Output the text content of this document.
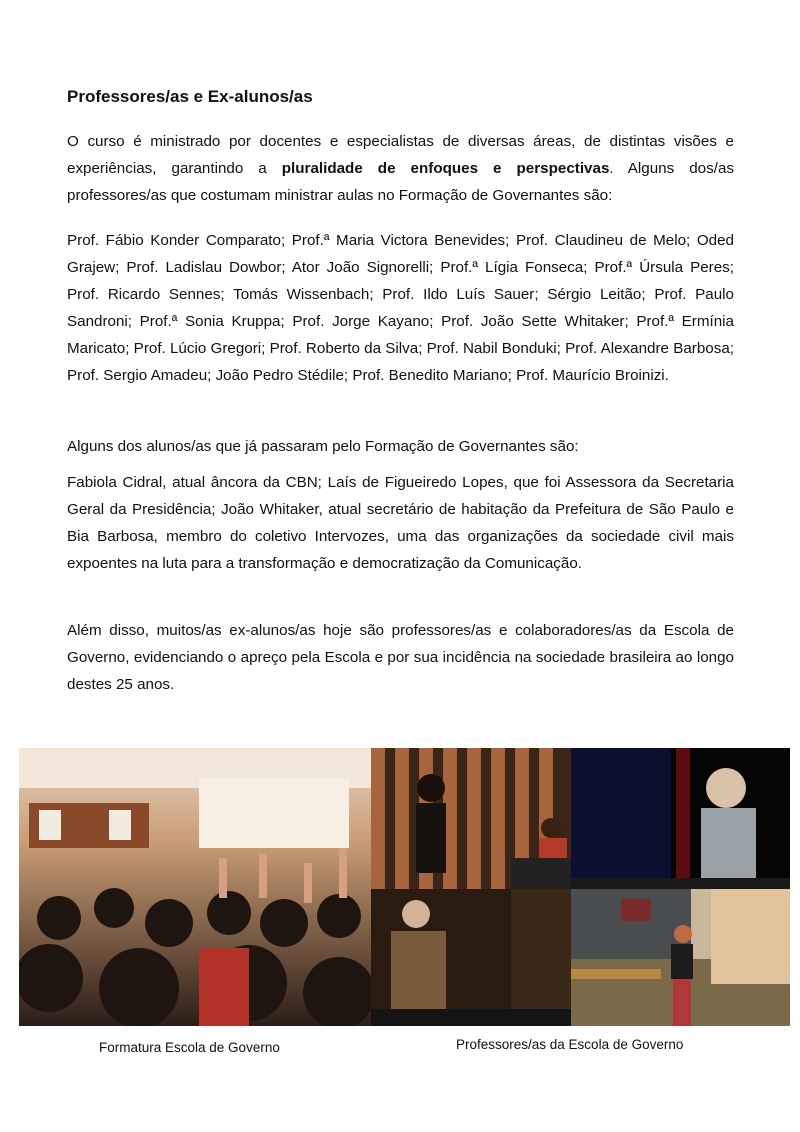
Professores/as e Ex-alunos/as

O curso é ministrado por docentes e especialistas de diversas áreas, de distintas visões e experiências, garantindo a pluralidade de enfoques e perspectivas. Alguns dos/as professores/as que costumam ministrar aulas no Formação de Governantes são:

Prof. Fábio Konder Comparato; Prof.ª Maria Victora Benevides; Prof. Claudineu de Melo; Oded Grajew; Prof. Ladislau Dowbor; Ator João Signorelli; Prof.ª Lígia Fonseca; Prof.ª Úrsula Peres; Prof. Ricardo Sennes; Tomás Wissenbach; Prof. Ildo Luís Sauer; Sérgio Leitão; Prof. Paulo Sandroni; Prof.ª Sonia Kruppa; Prof. Jorge Kayano; Prof. João Sette Whitaker; Prof.ª Ermínia Maricato; Prof. Lúcio Gregori; Prof. Roberto da Silva; Prof. Nabil Bonduki; Prof. Alexandre Barbosa; Prof. Sergio Amadeu; João Pedro Stédile; Prof. Benedito Mariano; Prof. Maurício Broinizi.

Alguns dos alunos/as que já passaram pelo Formação de Governantes são:

Fabiola Cidral, atual âncora da CBN; Laís de Figueiredo Lopes, que foi Assessora da Secretaria Geral da Presidência; João Whitaker, atual secretário de habitação da Prefeitura de São Paulo e Bia Barbosa, membro do coletivo Intervozes, uma das organizações da sociedade civil mais expoentes na luta para a transformação e democratização da Comunicação.

Além disso, muitos/as ex-alunos/as hoje são professores/as e colaboradores/as da Escola de Governo, evidenciando o apreço pela Escola e por sua incidência na sociedade brasileira ao longo destes 25 anos.

Formatura Escola de Governo	Professores/as da Escola de Governo
